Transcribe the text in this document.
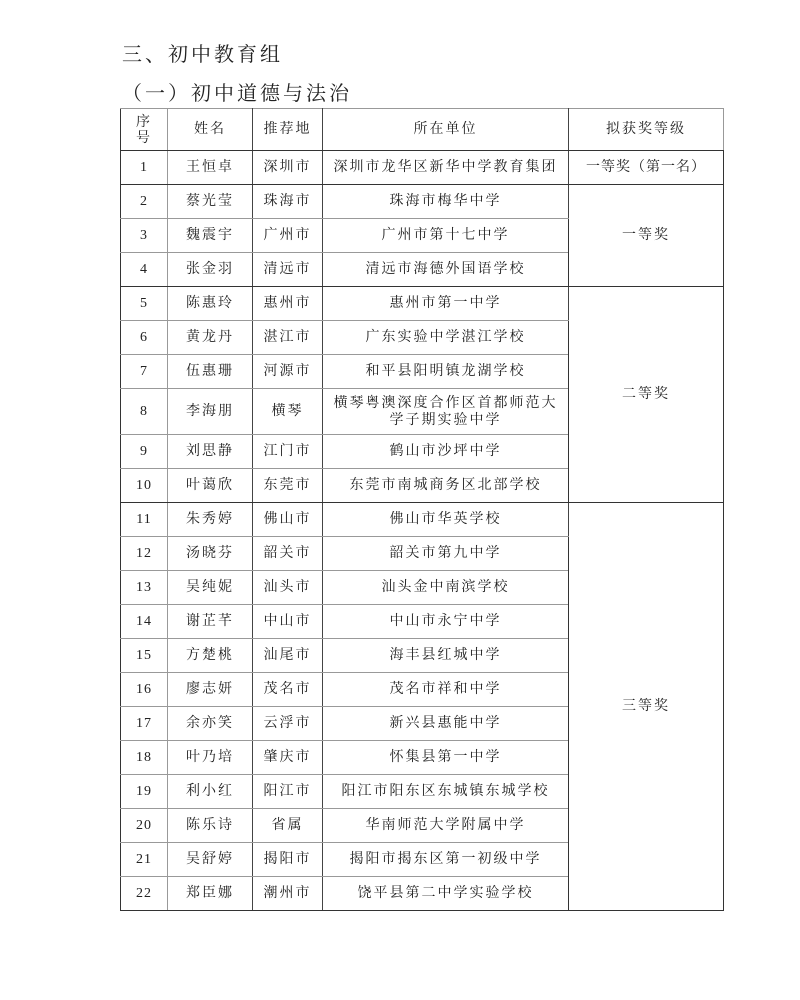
三、初中教育组
（一）初中道德与法治
序号	姓名	推荐地	所在单位	拟获奖等级
1	王恒卓	深圳市	深圳市龙华区新华中学教育集团	一等奖（第一名）
2	蔡光莹	珠海市	珠海市梅华中学	一等奖
3	魏震宇	广州市	广州市第十七中学	
4	张金羽	清远市	清远市海德外国语学校	
5	陈惠玲	惠州市	惠州市第一中学	二等奖
6	黄龙丹	湛江市	广东实验中学湛江学校	
7	伍惠珊	河源市	和平县阳明镇龙湖学校	
8	李海朋	横琴	横琴粤澳深度合作区首都师范大学子期实验中学	
9	刘思静	江门市	鹤山市沙坪中学	
10	叶蔼欣	东莞市	东莞市南城商务区北部学校	
11	朱秀婷	佛山市	佛山市华英学校	三等奖
12	汤晓芬	韶关市	韶关市第九中学	
13	吴纯妮	汕头市	汕头金中南滨学校	
14	谢芷芊	中山市	中山市永宁中学	
15	方楚桃	汕尾市	海丰县红城中学	
16	廖志妍	茂名市	茂名市祥和中学	
17	余亦笑	云浮市	新兴县惠能中学	
18	叶乃培	肇庆市	怀集县第一中学	
19	利小红	阳江市	阳江市阳东区东城镇东城学校	
20	陈乐诗	省属	华南师范大学附属中学	
21	吴舒婷	揭阳市	揭阳市揭东区第一初级中学	
22	郑臣娜	潮州市	饶平县第二中学实验学校	
